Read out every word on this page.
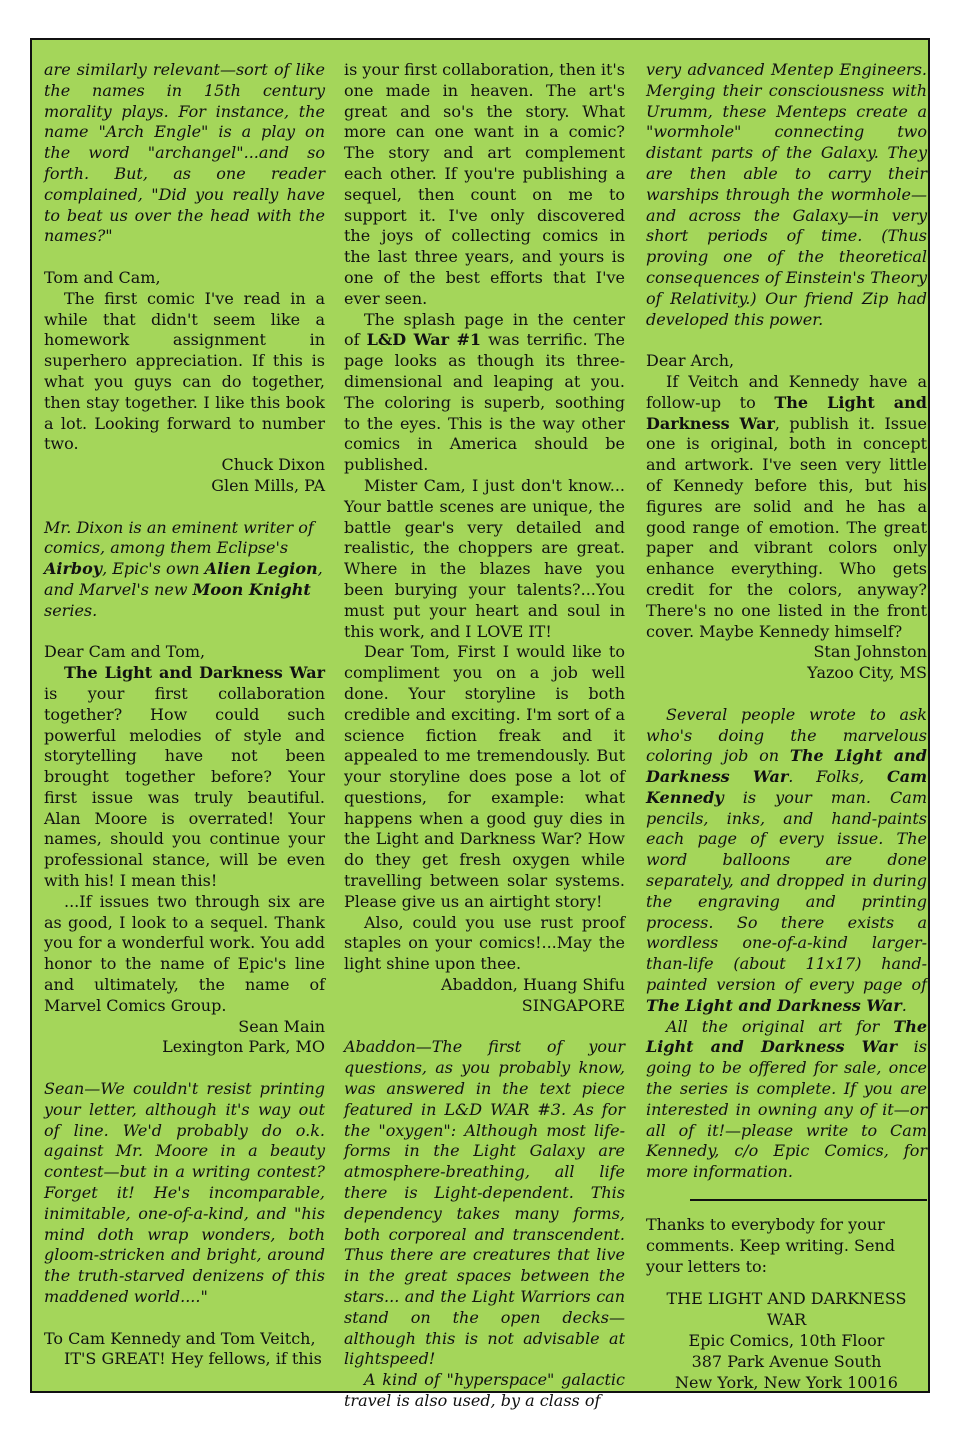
are similarly relevant—sort of like the names in 15th century morality plays. For instance, the name "Arch Engle" is a play on the word "archangel"...and so forth. But, as one reader complained, "Did you really have to beat us over the head with the names?"

Tom and Cam,

The first comic I've read in a while that didn't seem like a homework assignment in superhero appreciation. If this is what you guys can do together, then stay together. I like this book a lot. Looking forward to number two.

Chuck Dixon

Glen Mills, PA

Mr. Dixon is an eminent writer of comics, among them Eclipse's Airboy, Epic's own Alien Legion, and Marvel's new Moon Knight series.

Dear Cam and Tom,

The Light and Darkness War is your first collaboration together? How could such powerful melodies of style and storytelling have not been brought together before? Your first issue was truly beautiful. Alan Moore is overrated! Your names, should you continue your professional stance, will be even with his! I mean this!

...If issues two through six are as good, I look to a sequel. Thank you for a wonderful work. You add honor to the name of Epic's line and ultimately, the name of Marvel Comics Group.

Sean Main

Lexington Park, MO

Sean—We couldn't resist printing your letter, although it's way out of line. We'd probably do o.k. against Mr. Moore in a beauty contest—but in a writing contest? Forget it! He's incomparable, inimitable, one-of-a-kind, and "his mind doth wrap wonders, both gloom-stricken and bright, around the truth-starved denizens of this maddened world...."

To Cam Kennedy and Tom Veitch,

IT'S GREAT! Hey fellows, if this

is your first collaboration, then it's one made in heaven. The art's great and so's the story. What more can one want in a comic? The story and art complement each other. If you're publishing a sequel, then count on me to support it. I've only discovered the joys of collecting comics in the last three years, and yours is one of the best efforts that I've ever seen.

The splash page in the center of L&D War #1 was terrific. The page looks as though its three-dimensional and leaping at you. The coloring is superb, soothing to the eyes. This is the way other comics in America should be published.

Mister Cam, I just don't know... Your battle scenes are unique, the battle gear's very detailed and realistic, the choppers are great. Where in the blazes have you been burying your talents?...You must put your heart and soul in this work, and I LOVE IT!

Dear Tom, First I would like to compliment you on a job well done. Your storyline is both credible and exciting. I'm sort of a science fiction freak and it appealed to me tremendously. But your storyline does pose a lot of questions, for example: what happens when a good guy dies in the Light and Darkness War? How do they get fresh oxygen while travelling between solar systems. Please give us an airtight story!

Also, could you use rust proof staples on your comics!...May the light shine upon thee.

Abaddon, Huang Shifu

SINGAPORE

Abaddon—The first of your questions, as you probably know, was answered in the text piece featured in L&D WAR #3. As for the "oxygen": Although most life-forms in the Light Galaxy are atmosphere-breathing, all life there is Light-dependent. This dependency takes many forms, both corporeal and transcendent. Thus there are creatures that live in the great spaces between the stars... and the Light Warriors can stand on the open decks—although this is not advisable at lightspeed!

A kind of "hyperspace" galactic travel is also used, by a class of

very advanced Mentep Engineers. Merging their consciousness with Urumm, these Menteps create a "wormhole" connecting two distant parts of the Galaxy. They are then able to carry their warships through the wormhole—and across the Galaxy—in very short periods of time. (Thus proving one of the theoretical consequences of Einstein's Theory of Relativity.) Our friend Zip had developed this power.

Dear Arch,

If Veitch and Kennedy have a follow-up to The Light and Darkness War, publish it. Issue one is original, both in concept and artwork. I've seen very little of Kennedy before this, but his figures are solid and he has a good range of emotion. The great paper and vibrant colors only enhance everything. Who gets credit for the colors, anyway? There's no one listed in the front cover. Maybe Kennedy himself?

Stan Johnston

Yazoo City, MS

Several people wrote to ask who's doing the marvelous coloring job on The Light and Darkness War. Folks, Cam Kennedy is your man. Cam pencils, inks, and hand-paints each page of every issue. The word balloons are done separately, and dropped in during the engraving and printing process. So there exists a wordless one-of-a-kind larger-than-life (about 11x17) hand-painted version of every page of The Light and Darkness War.

All the original art for The Light and Darkness War is going to be offered for sale, once the series is complete. If you are interested in owning any of it—or all of it!—please write to Cam Kennedy, c/o Epic Comics, for more information.

Thanks to everybody for your comments. Keep writing. Send your letters to:

THE LIGHT AND DARKNESS WAR

Epic Comics, 10th Floor

387 Park Avenue South

New York, New York 10016
